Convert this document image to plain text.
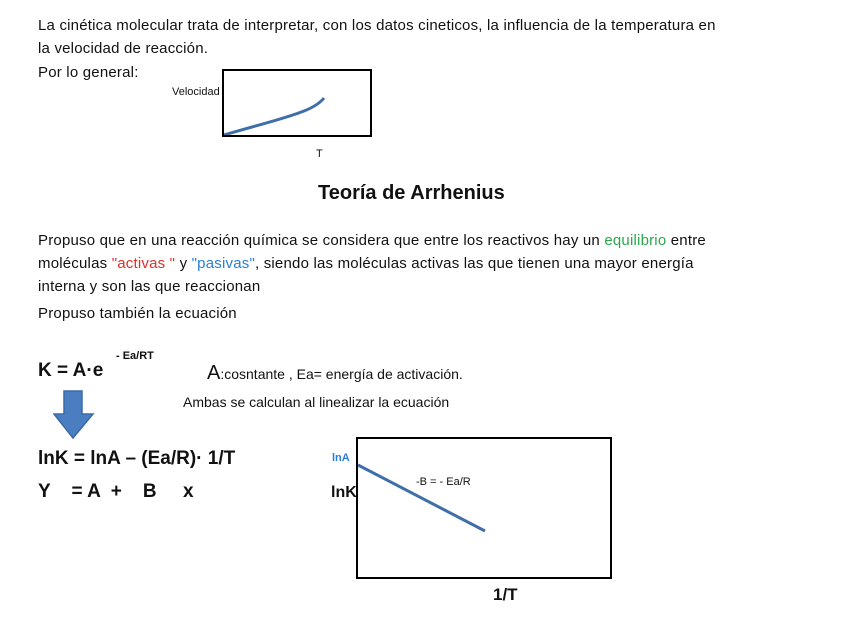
La cinética molecular trata de interpretar, con los datos cineticos, la influencia de la temperatura en
la velocidad de reacción.
Por lo general:
Velocidad
T
Teoría de Arrhenius
Propuso que en una reacción química se considera que entre los reactivos hay un equilibrio entre
moléculas "activas " y "pasivas", siendo las moléculas activas las que tienen una mayor energía
interna y son las que reaccionan
Propuso también la ecuación
K = A·e
- Ea/RT
A:cosntante , Ea= energía de activación.
Ambas se calculan al linealizar la ecuación
lnK = lnA – (Ea/R)· 1/T
Y    = A  +    B     x
lnA
lnK
-B = - Ea/R
1/T
